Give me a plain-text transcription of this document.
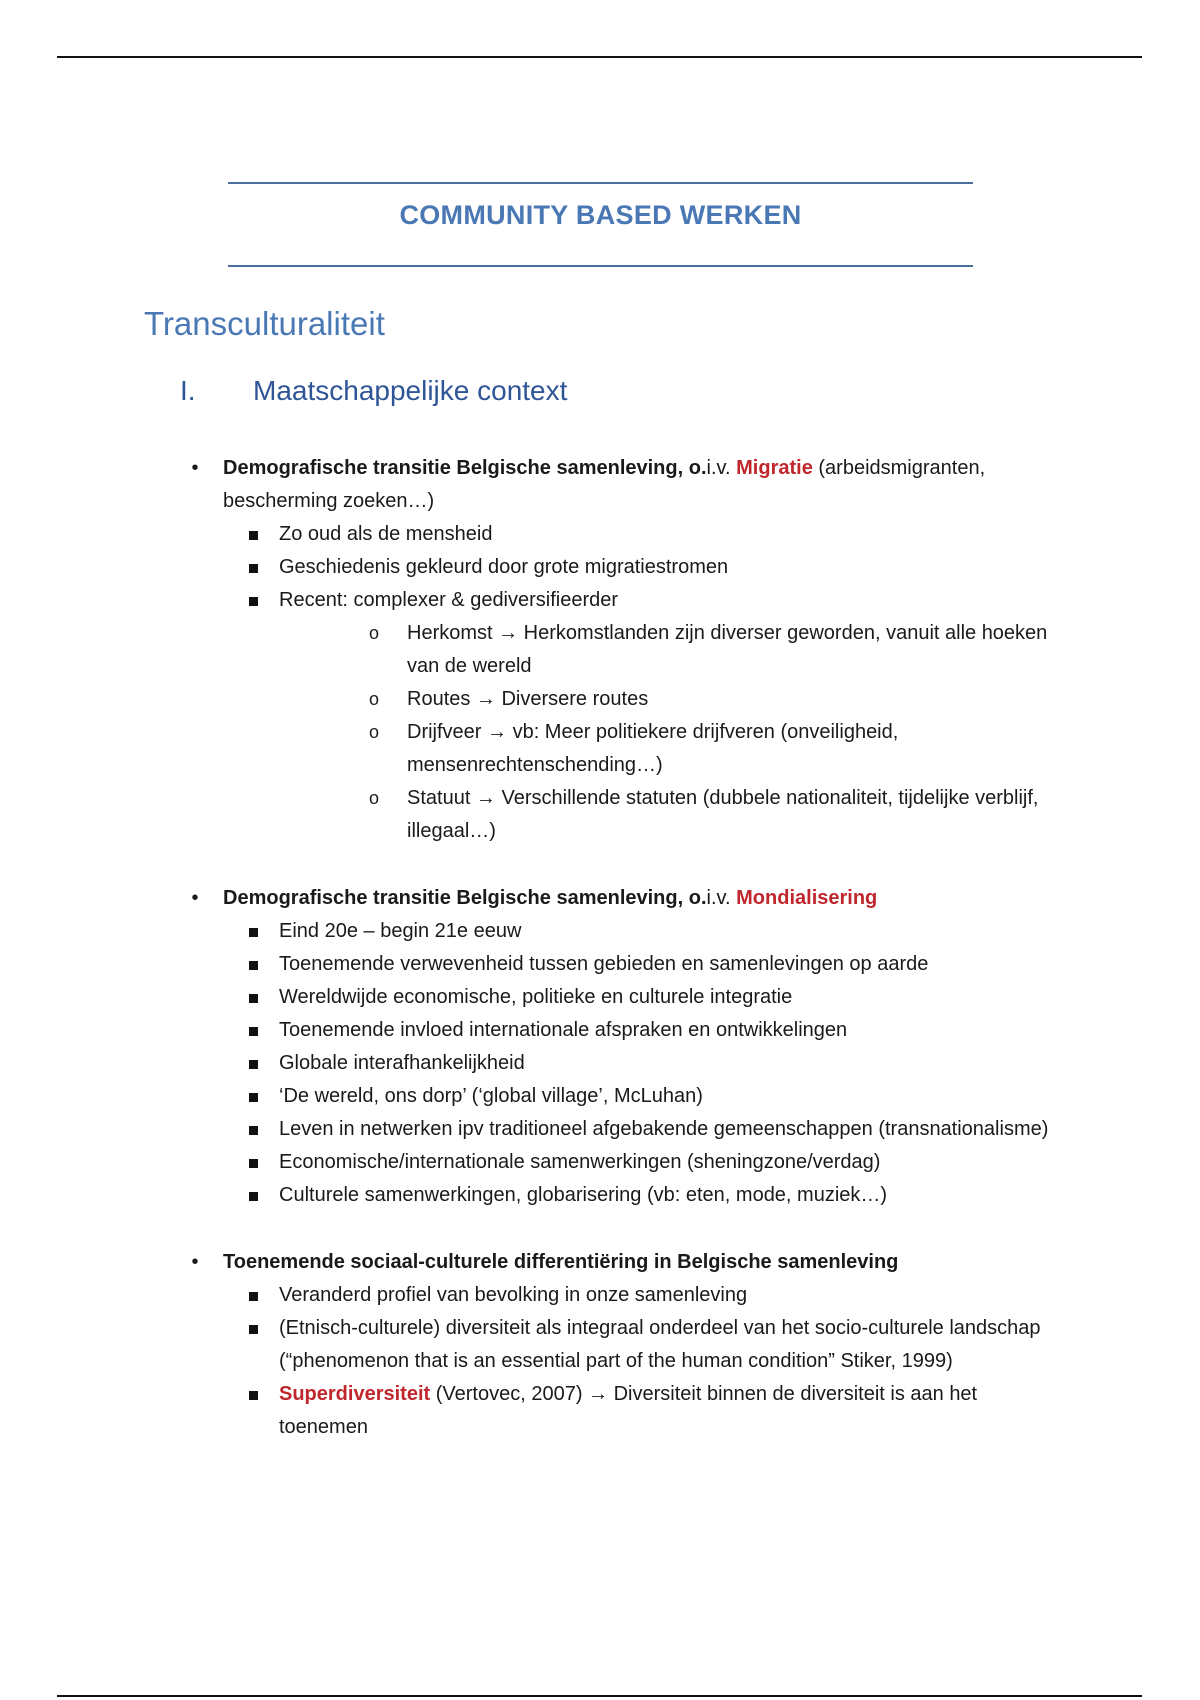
COMMUNITY BASED WERKEN
Transculturaliteit
I.	Maatschappelijke context
•	Demografische transitie Belgische samenleving, o.i.v. Migratie (arbeidsmigranten, bescherming zoeken…)
Zo oud als de mensheid
Geschiedenis gekleurd door grote migratiestromen
Recent: complexer & gediversifieerder
o Herkomst → Herkomstlanden zijn diverser geworden, vanuit alle hoeken van de wereld
o Routes → Diversere routes
o Drijfveer → vb: Meer politiekere drijfveren (onveiligheid, mensenrechtenschending…)
o Statuut → Verschillende statuten (dubbele nationaliteit, tijdelijke verblijf, illegaal…)
•	Demografische transitie Belgische samenleving, o.i.v. Mondialisering
Eind 20e – begin 21e eeuw
Toenemende verwevenheid tussen gebieden en samenlevingen op aarde
Wereldwijde economische, politieke en culturele integratie
Toenemende invloed internationale afspraken en ontwikkelingen
Globale interafhankelijkheid
‘De wereld, ons dorp’ (‘global village’, McLuhan)
Leven in netwerken ipv traditioneel afgebakende gemeenschappen (transnationalisme)
Economische/internationale samenwerkingen (sheningzone/verdag)
Culturele samenwerkingen, globarisering (vb: eten, mode, muziek…)
•	Toenemende sociaal-culturele differentiëring in Belgische samenleving
Veranderd profiel van bevolking in onze samenleving
(Etnisch-culturele) diversiteit als integraal onderdeel van het socio-culturele landschap (“phenomenon that is an essential part of the human condition” Stiker, 1999)
Superdiversiteit (Vertovec, 2007) → Diversiteit binnen de diversiteit is aan het toenemen
